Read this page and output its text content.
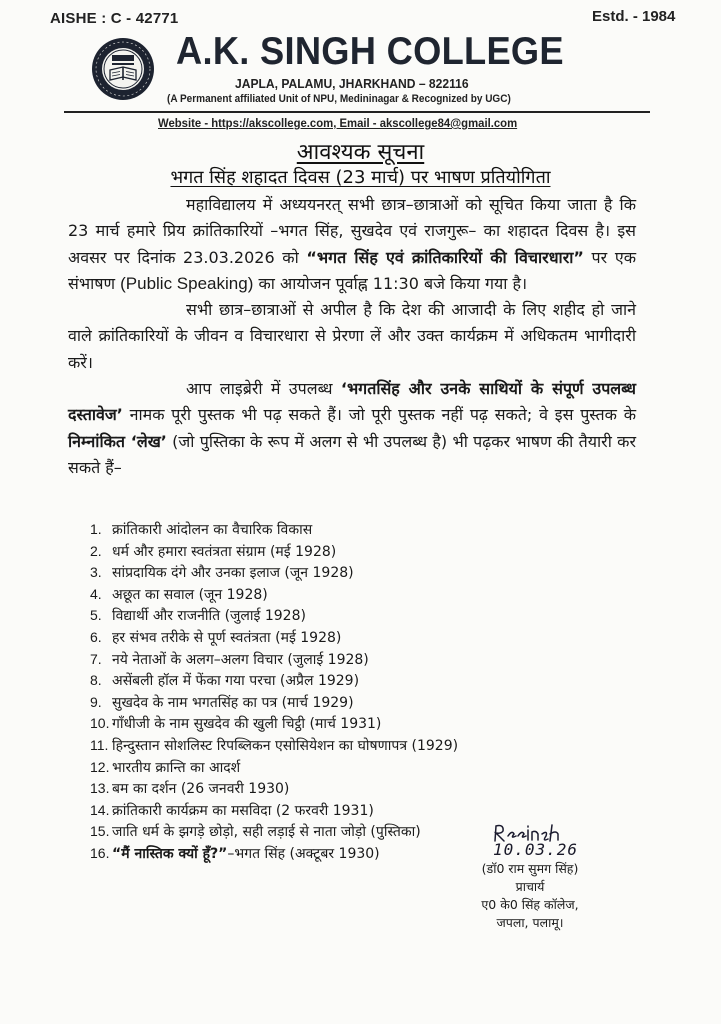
AISHE : C - 42771	Estd. - 1984
A.K. SINGH COLLEGE
JAPLA, PALAMU, JHARKHAND – 822116
(A Permanent affiliated Unit of NPU, Medininagar & Recognized by UGC)
Website - https://akscollege.com, Email - akscollege84@gmail.com
आवश्यक सूचना
भगत सिंह शहादत दिवस (23 मार्च) पर भाषण प्रतियोगिता

महाविद्यालय में अध्ययनरत् सभी छात्र–छात्राओं को सूचित किया जाता है कि 23 मार्च हमारे प्रिय क्रांतिकारियों –भगत सिंह, सुखदेव एवं राजगुरू– का शहादत दिवस है। इस अवसर पर दिनांक 23.03.2026 को “भगत सिंह एवं क्रांतिकारियों की विचारधारा” पर एक संभाषण (Public Speaking) का आयोजन पूर्वाह्न 11:30 बजे किया गया है।

सभी छात्र–छात्राओं से अपील है कि देश की आजादी के लिए शहीद हो जाने वाले क्रांतिकारियों के जीवन व विचारधारा से प्रेरणा लें और उक्त कार्यक्रम में अधिकतम भागीदारी करें।

आप लाइब्रेरी में उपलब्ध ‘भगतसिंह और उनके साथियों के संपूर्ण उपलब्ध दस्तावेज’ नामक पूरी पुस्तक भी पढ़ सकते हैं। जो पूरी पुस्तक नहीं पढ़ सकते; वे इस पुस्तक के निम्नांकित ‘लेख’ (जो पुस्तिका के रूप में अलग से भी उपलब्ध है) भी पढ़कर भाषण की तैयारी कर सकते हैं–

1. क्रांतिकारी आंदोलन का वैचारिक विकास
2. धर्म और हमारा स्वतंत्रता संग्राम (मई 1928)
3. सांप्रदायिक दंगे और उनका इलाज (जून 1928)
4. अछूत का सवाल (जून 1928)
5. विद्यार्थी और राजनीति (जुलाई 1928)
6. हर संभव तरीके से पूर्ण स्वतंत्रता (मई 1928)
7. नये नेताओं के अलग–अलग विचार (जुलाई 1928)
8. असेंबली हॉल में फेंका गया परचा (अप्रैल 1929)
9. सुखदेव के नाम भगतसिंह का पत्र (मार्च 1929)
10. गाँधीजी के नाम सुखदेव की खुली चिट्ठी (मार्च 1931)
11. हिन्दुस्तान सोशलिस्ट रिपब्लिकन एसोसियेशन का घोषणापत्र (1929)
12. भारतीय क्रान्ति का आदर्श
13. बम का दर्शन (26 जनवरी 1930)
14. क्रांतिकारी कार्यक्रम का मसविदा (2 फरवरी 1931)
15. जाति धर्म के झगड़े छोड़ो, सही लड़ाई से नाता जोड़ो (पुस्तिका)
16. “मैं नास्तिक क्यों हूँ?”–भगत सिंह (अक्टूबर 1930)	10.03.26
(डॉ0 राम सुमग सिंह)
प्राचार्य
ए0 के0 सिंह कॉलेज,
जपला, पलामू।
